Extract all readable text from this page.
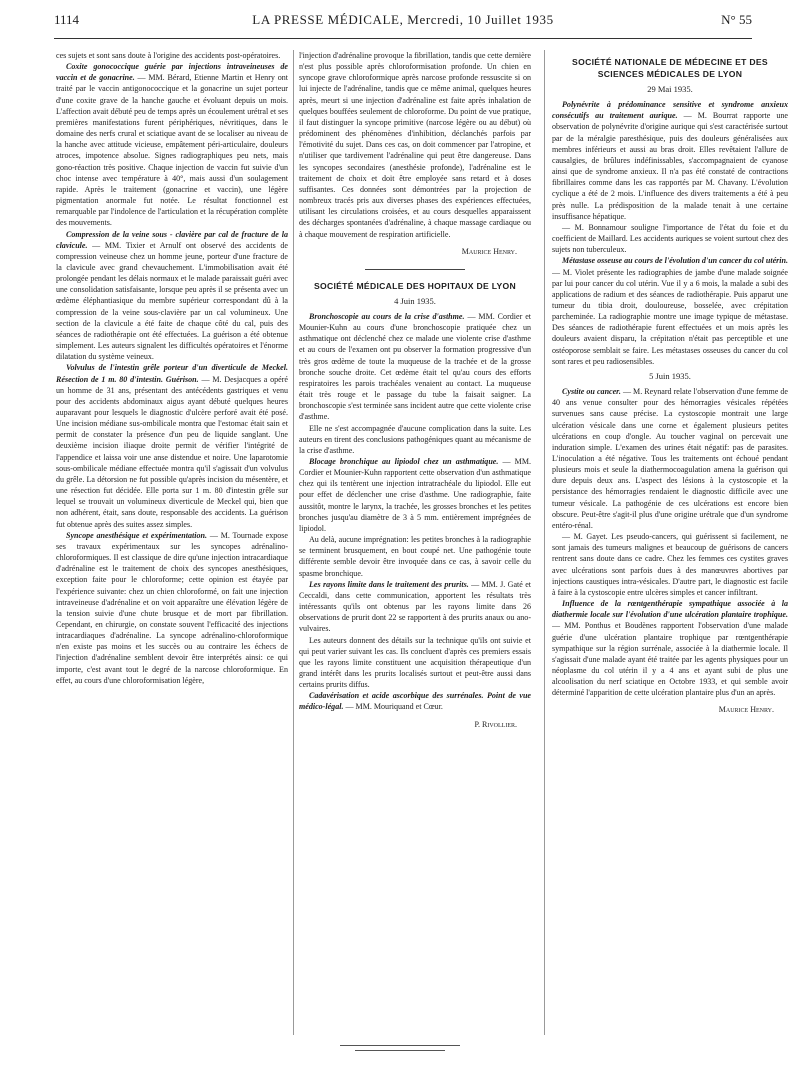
1114	LA PRESSE MÉDICALE, Mercredi, 10 Juillet 1935	N° 55

ces sujets et sont sans doute à l'origine des accidents post-opératoires.

Coxite gonococcique guérie par injections intraveineuses de vaccin et de gonacrine. — MM. Bérard, Etienne Martin et Henry ont traité par le vaccin antigonococcique et la gonacrine un sujet porteur d'une coxite grave de la hanche gauche et évoluant depuis un mois. L'affection avait débuté peu de temps après un écoulement urétral et ses premières manifestations furent périphériques, névritiques, dans le domaine des nerfs crural et sciatique avant de se localiser au niveau de la hanche avec attitude vicieuse, empâtement péri-articulaire, douleurs atroces, impotence absolue. Signes radiographiques peu nets, mais gono-réaction très positive. Chaque injection de vaccin fut suivie d'un choc intense avec température à 40°, mais aussi d'un soulagement rapide. Après le traitement (gonacrine et vaccin), une légère pigmentation anormale fut notée. Le résultat fonctionnel est remarquable par l'indolence de l'articulation et la récupération complète des mouvements.

Compression de la veine sous - clavière par cal de fracture de la clavicule. — MM. Tixier et Arnulf ont observé des accidents de compression veineuse chez un homme jeune, porteur d'une fracture de la clavicule avec grand chevauchement. L'immobilisation avait été prolongée pendant les délais normaux et le malade paraissait guéri avec une consolidation satisfaisante, lorsque peu après il se présenta avec un œdème éléphantiasique du membre supérieur correspondant dû à la compression de la veine sous-clavière par un cal volumineux. Une section de la clavicule a été faite de chaque côté du cal, puis des séances de radiothérapie ont été effectuées. La guérison a été obtenue simplement. Les auteurs signalent les difficultés opératoires et l'énorme dilatation du système veineux.

Volvulus de l'intestin grêle porteur d'un diverticule de Meckel. Résection de 1 m. 80 d'intestin. Guérison. — M. Desjacques a opéré un homme de 31 ans, présentant des antécédents gastriques et venu pour des accidents abdominaux aigus ayant débuté quelques heures auparavant pour lesquels le diagnostic d'ulcère perforé avait été posé. Une incision médiane sus-ombilicale montra que l'estomac était sain et permit de constater la présence d'un peu de liquide sanglant. Une deuxième incision iliaque droite permit de vérifier l'intégrité de l'appendice et laissa voir une anse distendue et noire. Une laparotomie sous-ombilicale médiane effectuée montra qu'il s'agissait d'un volvulus du grêle. La détorsion ne fut possible qu'après incision du mésentère, et une résection fut décidée. Elle porta sur 1 m. 80 d'intestin grêle sur lequel se trouvait un volumineux diverticule de Meckel qui, bien que non adhérent, était, sans doute, responsable des accidents. La guérison fut obtenue après des suites assez simples.

Syncope anesthésique et expérimentation. — M. Tournade expose ses travaux expérimentaux sur les syncopes adrénalino-chloroformiques. Il est classique de dire qu'une injection intracardiaque d'adrénaline est le traitement de choix des syncopes anesthésiques, exception faite pour le chloroforme; cette opinion est étayée par l'expérience suivante: chez un chien chloroformé, on fait une injection intraveineuse d'adrénaline et on voit apparaître une élévation légère de la tension suivie d'une chute brusque et de mort par fibrillation. Cependant, en chirurgie, on constate souvent l'efficacité des injections intracardiaques d'adrénaline. La syncope adrénalino-chloroformique n'en existe pas moins et les succès ou au contraire les échecs de l'injection d'adrénaline semblent devoir être interprétés ainsi: ce qui importe, c'est avant tout le degré de la narcose chloroformique. En effet, au cours d'une chloroformisation légère,

l'injection d'adrénaline provoque la fibrillation, tandis que cette dernière n'est plus possible après chloroformisation profonde. Un chien en syncope grave chloroformique après narcose profonde ressuscite si on lui injecte de l'adrénaline, tandis que ce même animal, quelques heures après, meurt si une injection d'adrénaline est faite après inhalation de quelques bouffées seulement de chloroforme. Du point de vue pratique, il faut distinguer la syncope primitive (narcose légère ou au début) où prédominent des phénomènes d'inhibition, déclanchés parfois par l'émotivité du sujet. Dans ces cas, on doit commencer par l'atropine, et n'utiliser que tardivement l'adrénaline qui peut être dangereuse. Dans les syncopes secondaires (anesthésie profonde), l'adrénaline est le traitement de choix et doit être employée sans retard et à doses suffisantes. Ces données sont démontrées par la projection de nombreux tracés pris aux diverses phases des expériences effectuées, utilisant les circulations croisées, et au cours desquelles apparaissent des décharges spontanées d'adrénaline, à chaque massage cardiaque ou à chaque mouvement de respiration artificielle.

Maurice Henry.
SOCIÉTÉ MÉDICALE DES HOPITAUX DE LYON
4 Juin 1935.

Bronchoscopie au cours de la crise d'asthme. — MM. Cordier et Mounier-Kuhn au cours d'une bronchoscopie pratiquée chez un asthmatique ont déclenché chez ce malade une violente crise d'asthme et au cours de l'examen ont pu observer la formation progressive d'un très gros œdème de toute la muqueuse de la trachée et de la grosse bronche souche droite. Cet œdème était tel qu'au cours des efforts respiratoires les parois trachéales venaient au contact. La muqueuse était très rouge et le passage du tube la faisait saigner. La bronchoscopie s'est terminée sans incident autre que cette violente crise d'asthme.

Elle ne s'est accompagnée d'aucune complication dans la suite. Les auteurs en tirent des conclusions pathogéniques quant au mécanisme de la crise d'asthme.

Blocage bronchique au lipiodol chez un asthmatique. — MM. Cordier et Mounier-Kuhn rapportent cette observation d'un asthmatique chez qui ils tentèrent une injection intratrachéale du lipiodol. Elle eut pour effet de déclencher une crise d'asthme. Une radiographie, faite aussitôt, montre le larynx, la trachée, les grosses bronches et les petites bronches jusqu'au diamètre de 3 à 5 mm. entièrement imprégnées de lipiodol.

Au delà, aucune imprégnation: les petites bronches à la radiographie se terminent brusquement, en bout coupé net. Une pathogénie toute différente semble devoir être invoquée dans ce cas, à savoir celle du spasme bronchique.

Les rayons limite dans le traitement des prurits. — MM. J. Gaté et Ceccaldi, dans cette communication, apportent les résultats très intéressants qu'ils ont obtenus par les rayons limite dans 26 observations de prurit dont 22 se rapportent à des prurits anaux ou ano-vulvaires.

Les auteurs donnent des détails sur la technique qu'ils ont suivie et qui peut varier suivant les cas. Ils concluent d'après ces premiers essais que les rayons limite constituent une acquisition thérapeutique d'un grand intérêt dans les prurits localisés surtout et peut-être aussi dans certains prurits diffus.

Cadavérisation et acide ascorbique des surrénales. Point de vue médico-légal. — MM. Mouriquand et Cœur.

P. Rivollier.
SOCIÉTÉ NATIONALE DE MÉDECINE ET DES SCIENCES MÉDICALES DE LYON
29 Mai 1935.

Polynévrite à prédominance sensitive et syndrome anxieux consécutifs au traitement aurique. — M. Bourrat rapporte une observation de polynévrite d'origine aurique qui s'est caractérisée surtout par de la méralgie paresthésique, puis des douleurs généralisées aux membres inférieurs et aussi au bras droit. Elles revêtaient l'allure de causalgies, de brûlures indéfinissables, s'accompagnaient de cyanose ainsi que de syndrome anxieux. Il n'a pas été constaté de contractions fibrillaires comme dans les cas rapportés par M. Chavany. L'évolution cyclique a été de 2 mois. L'influence des divers traitements a été à peu près nulle. La prédisposition de la malade tenait à une certaine insuffisance hépatique.

— M. Bonnamour souligne l'importance de l'état du foie et du coefficient de Maillard. Les accidents auriques se voient surtout chez des sujets non tuberculeux.

Métastase osseuse au cours de l'évolution d'un cancer du col utérin. — M. Violet présente les radiographies de jambe d'une malade soignée par lui pour cancer du col utérin. Vue il y a 6 mois, la malade a subi des applications de radium et des séances de radiothérapie. Puis apparut une tumeur du tibia droit, douloureuse, bosselée, avec crépitation parcheminée. La radiographie montre une image typique de métastase. Des séances de radiothérapie furent effectuées et un mois après les douleurs avaient disparu, la crépitation n'était pas perceptible et une ostéoporose semblait se faire. Les métastases osseuses du cancer du col sont rares et peu radiosensibles.

5 Juin 1935.

Cystite ou cancer. — M. Reynard relate l'observation d'une femme de 40 ans venue consulter pour des hémorragies vésicales répétées survenues sans cause précise. La cystoscopie montrait une large ulcération vésicale dans une corne et également plusieurs petites ulcérations en coup d'ongle. Au toucher vaginal on percevait une induration simple. L'examen des urines était négatif: pas de parasites. L'inoculation a été négative. Tous les traitements ont échoué pendant plusieurs mois et seule la diathermocoagulation amena la guérison qui dure depuis deux ans. L'aspect des lésions à la cystoscopie et la persistance des hémorragies rendaient le diagnostic difficile avec une tumeur vésicale. La pathogénie de ces ulcérations est encore bien obscure. Peut-être s'agit-il plus d'une origine urétrale que d'un syndrome entéro-rénal.

— M. Gayet. Les pseudo-cancers, qui guérissent si facilement, ne sont jamais des tumeurs malignes et beaucoup de guérisons de cancers rentrent sans doute dans ce cadre. Chez les femmes ces cystites graves avec ulcérations sont parfois dues à des manœuvres abortives par injections caustiques intra-vésicales. D'autre part, le diagnostic est facile à faire à la cystoscopie entre ulcères simples et cancer infiltrant.

Influence de la rœntgenthérapie sympathique associée à la diathermie locale sur l'évolution d'une ulcération plantaire trophique. — MM. Ponthus et Boudènes rapportent l'observation d'une malade guérie d'une ulcération plantaire trophique par rœntgenthérapie sympathique sur la région surrénale, associée à la diathermie locale. Il s'agissait d'une malade ayant été traitée par les agents physiques pour un néoplasme du col utérin il y a 4 ans et ayant subi de plus une alcoolisation du nerf sciatique en Octobre 1933, et qui semble avoir déterminé l'apparition de cette ulcération plantaire plus d'un an après.

Maurice Henry.
